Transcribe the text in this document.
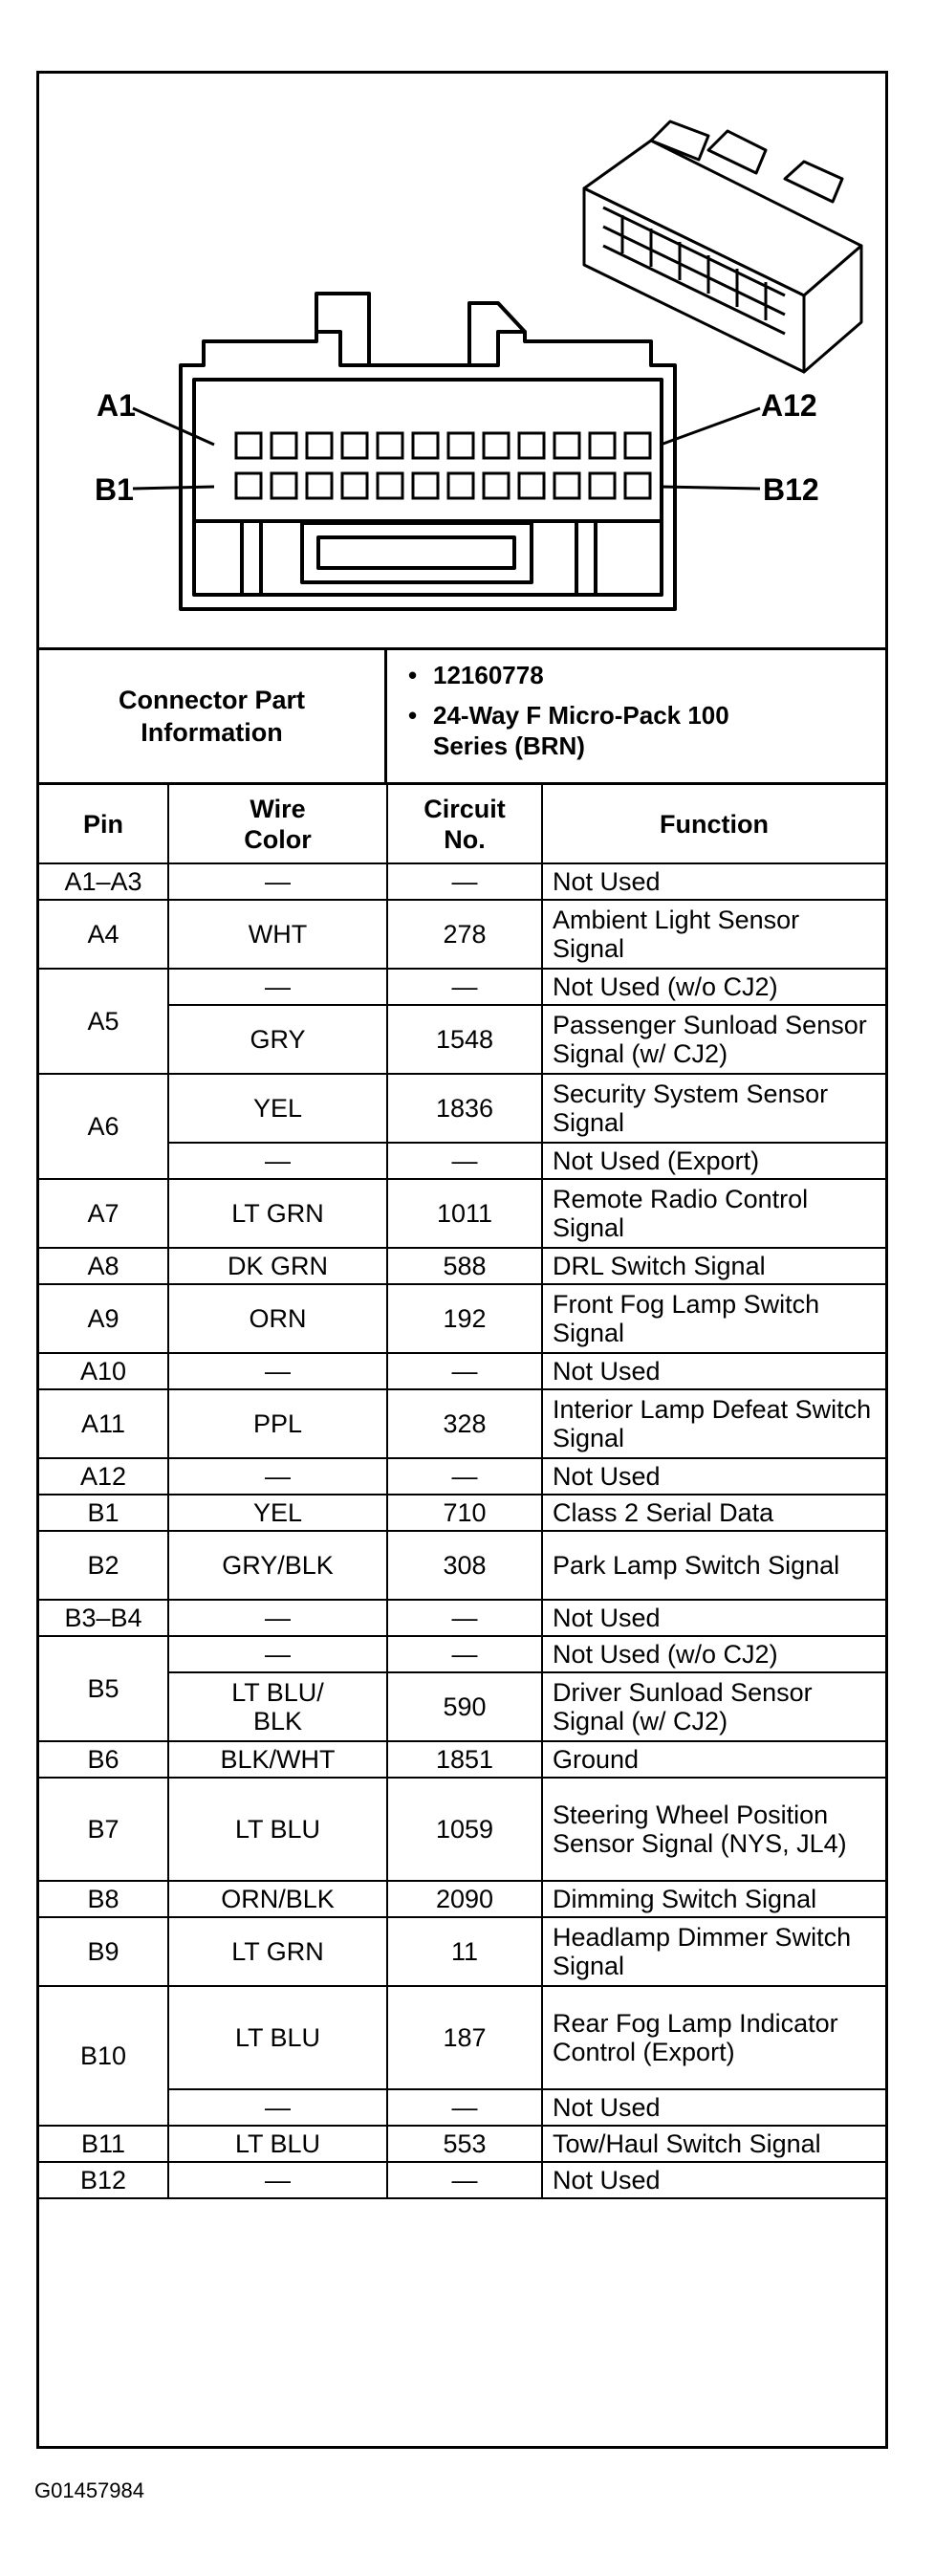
A1	A12
B1	B12
Connector Part Information
• 12160778
• 24-Way F Micro-Pack 100 Series (BRN)
Pin	Wire Color	Circuit No.	Function
A1–A3	—	—	Not Used
A4	WHT	278	Ambient Light Sensor Signal
A5	—	—	Not Used (w/o CJ2)
	GRY	1548	Passenger Sunload Sensor Signal (w/ CJ2)
A6	YEL	1836	Security System Sensor Signal
	—	—	Not Used (Export)
A7	LT GRN	1011	Remote Radio Control Signal
A8	DK GRN	588	DRL Switch Signal
A9	ORN	192	Front Fog Lamp Switch Signal
A10	—	—	Not Used
A11	PPL	328	Interior Lamp Defeat Switch Signal
A12	—	—	Not Used
B1	YEL	710	Class 2 Serial Data
B2	GRY/BLK	308	Park Lamp Switch Signal
B3–B4	—	—	Not Used
B5	—	—	Not Used (w/o CJ2)
	LT BLU/ BLK	590	Driver Sunload Sensor Signal (w/ CJ2)
B6	BLK/WHT	1851	Ground
B7	LT BLU	1059	Steering Wheel Position Sensor Signal (NYS, JL4)
B8	ORN/BLK	2090	Dimming Switch Signal
B9	LT GRN	11	Headlamp Dimmer Switch Signal
B10	LT BLU	187	Rear Fog Lamp Indicator Control (Export)
	—	—	Not Used
B11	LT BLU	553	Tow/Haul Switch Signal
B12	—	—	Not Used
G01457984
